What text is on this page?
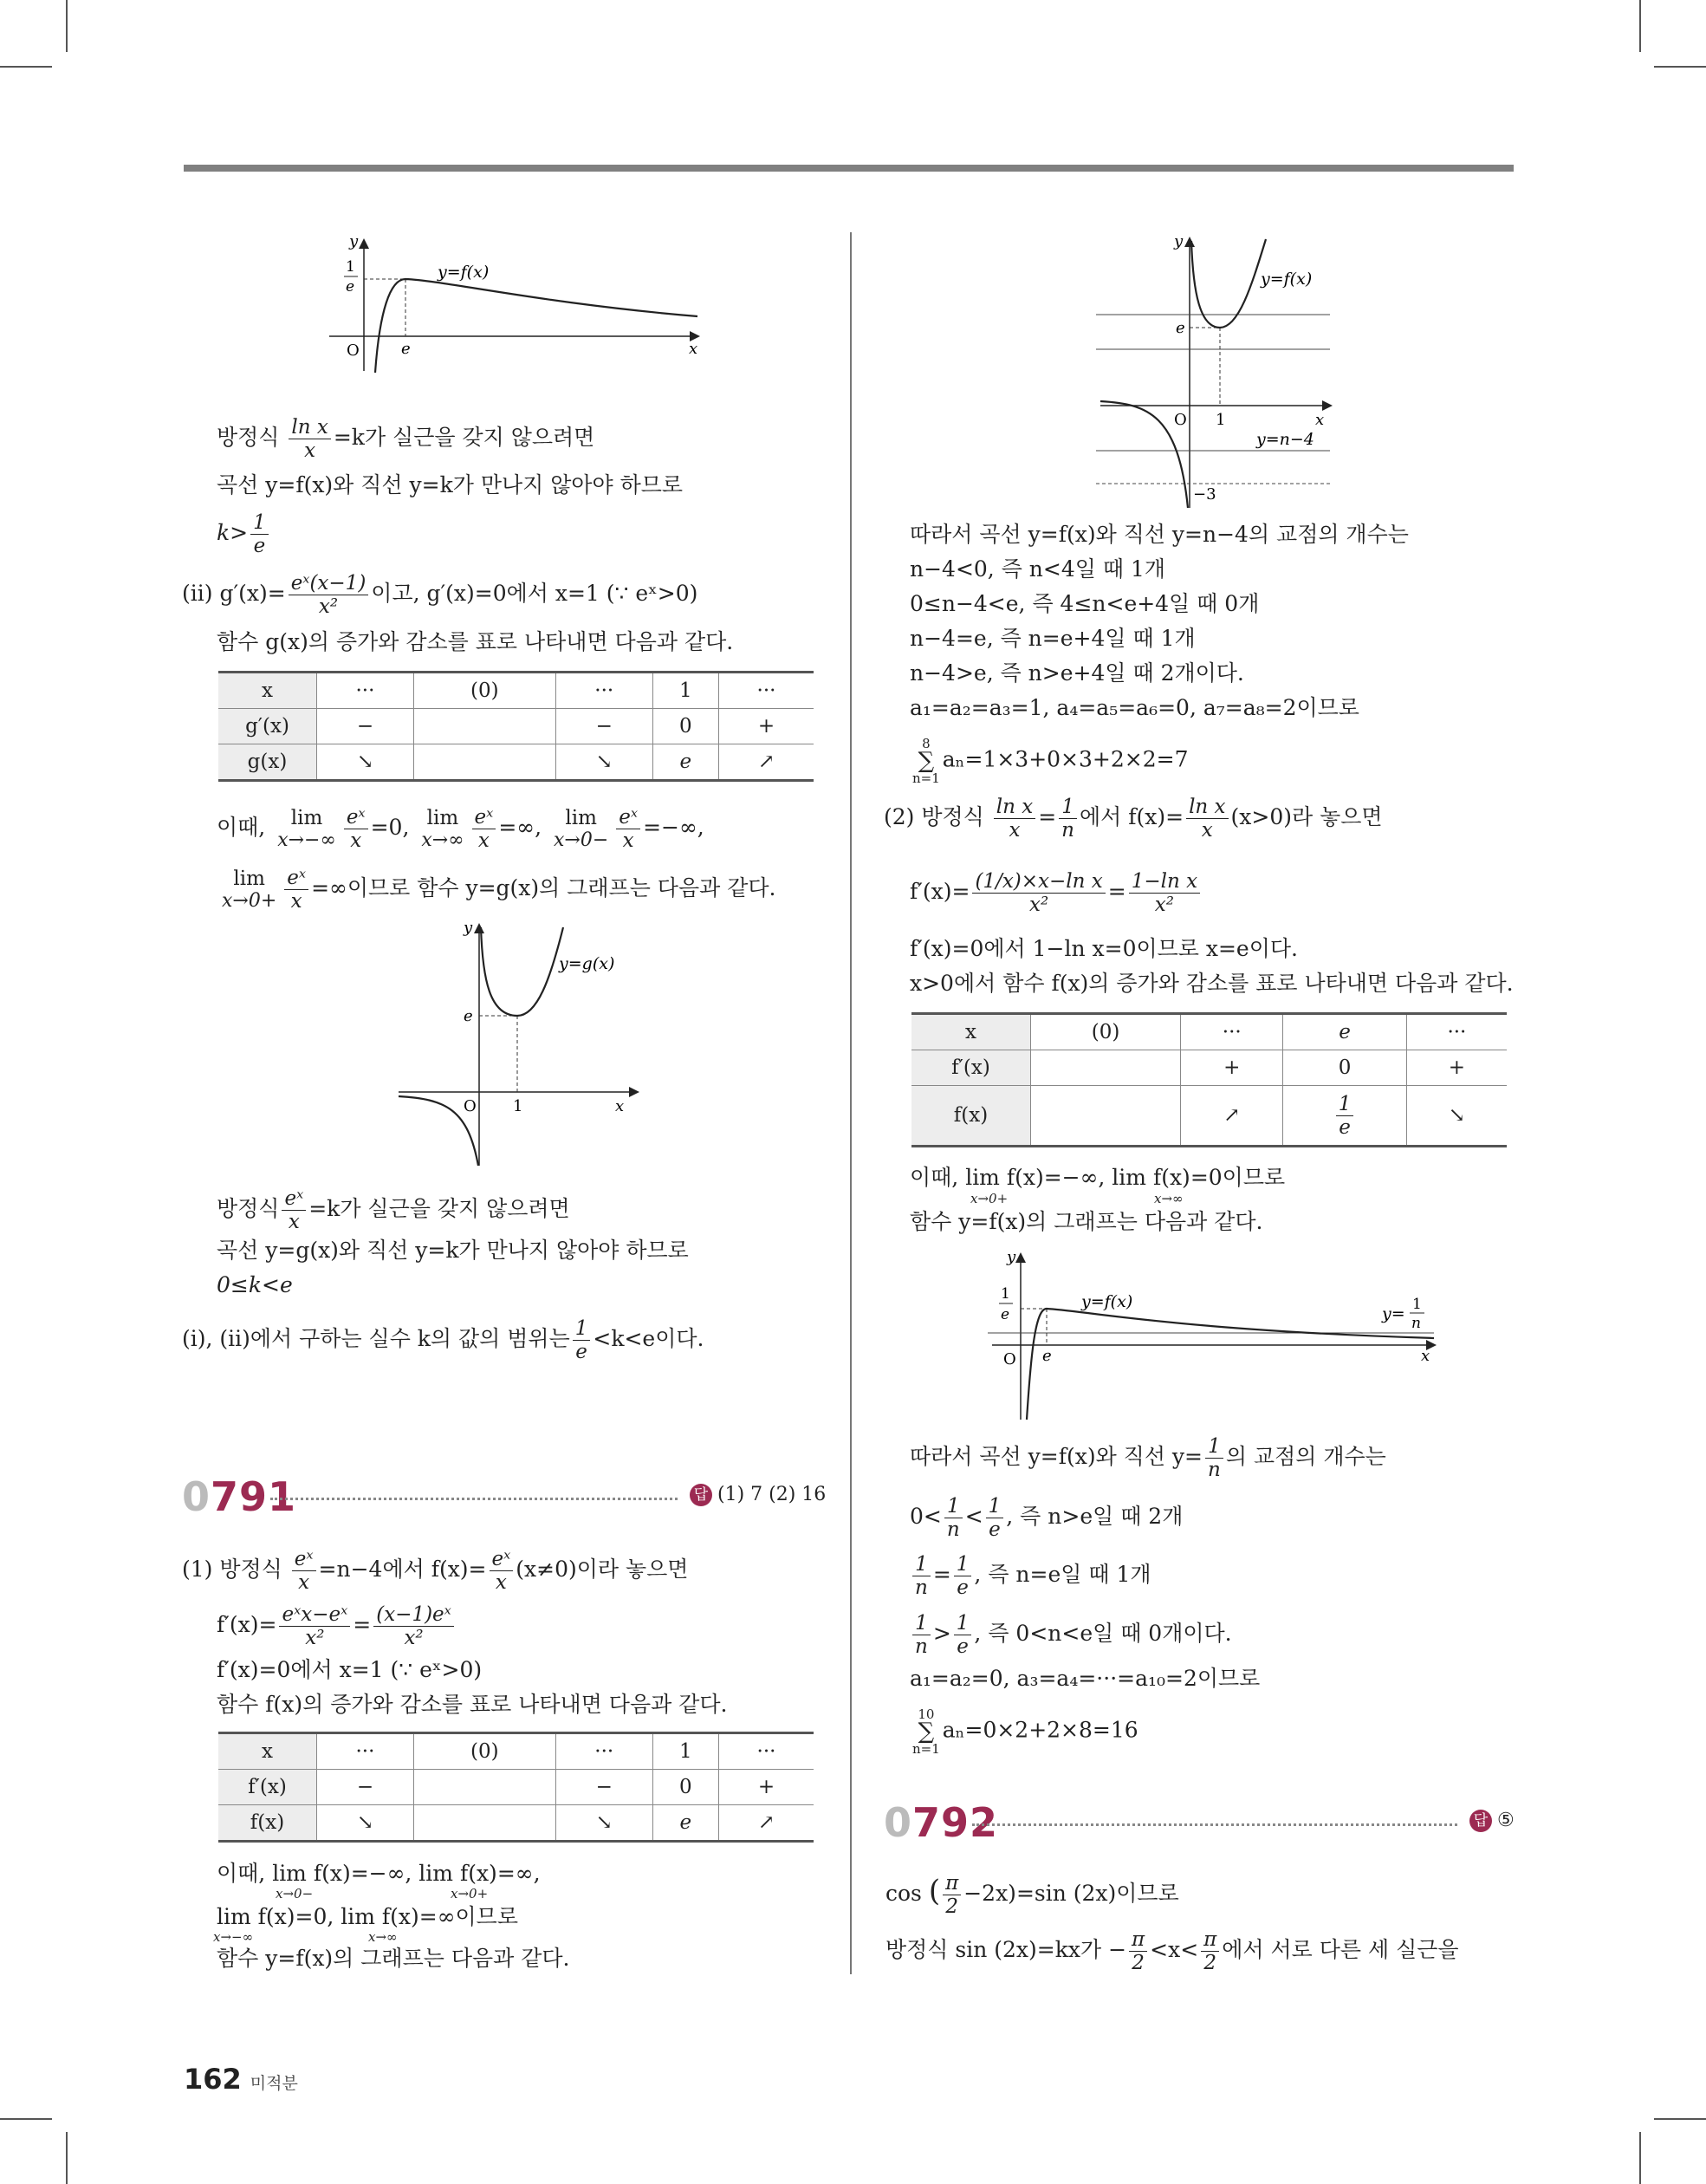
y
x
O	e
1
e
y=f(x)
방정식 $\frac{\text{ln x}}{x} =k$가 실근을 갖지 않으려면
곡선 y=f(x)와 직선 y=k가 만나지 않아야 하므로
$k> \frac{1}{e}$
(ii) $g'(x)= \frac{\text{eˣ(x−1)}}{\text{x²}}$ 이고, g′(x)=0에서 x=1 (∵ eˣ>0)
함수 g(x)의 증가와 감소를 표로 나타내면 다음과 같다.
x	···	(0)	···	1	···
g′(x)	−		−	0	+
g(x)	↘		↘	e	↗
이때, lim
$x\to-\infty \frac{\text{eˣ}}{x} =0$, lim
$x\to\infty \frac{\text{eˣ}}{x}$ =∞, lim
$x\to 0- \frac{\text{eˣ}}{x}$ =−∞,
lim
$x\to 0+ \frac{\text{eˣ}}{x}$ =∞이므로 함수 y=g(x)의 그래프는 다음과 같다.
y
x
O 1
e
y=g(x)
방정식 $\frac{\text{eˣ}}{x} =k$가 실근을 갖지 않으려면
곡선 y=g(x)와 직선 y=k가 만나지 않아야 하므로
0≤k<e
(i), (ii)에서 구하는 실수 k의 값의 범위는 $\frac{1}{e} <k<e$이다.
0791	답 (1) 7 (2) 16
(1) 방정식 $\frac{\text{eˣ}}{x} =n-4$에서 $f(x)= \frac{\text{eˣ}}{x} (x\ne 0)$이라 놓으면
$f'(x)= \frac{\text{eˣx−eˣ}}{\text{x²}} = \frac{\text{(x−1)eˣ}}{\text{x²}}$
f′(x)=0에서 x=1 (∵ eˣ>0)
함수 f(x)의 증가와 감소를 표로 나타내면 다음과 같다.
x	···	(0)	···	1	···
f′(x)	−		−	0	+
f(x)	↘		↘	e	↗
이때, lim f(x)=−∞, lim f(x)=∞,
x→0−	x→0+
lim f(x)=0, lim f(x)=∞이므로
x→−∞	x→∞
함수 y=f(x)의 그래프는 다음과 같다.
y
x
O 1
e
−3
y=f(x)
y=n−4
따라서 곡선 y=f(x)와 직선 y=n−4의 교점의 개수는
n−4<0, 즉 n<4일 때 1개
0≤n−4<e, 즉 4≤n<e+4일 때 0개
n−4=e, 즉 n=e+4일 때 1개
n−4>e, 즉 n>e+4일 때 2개이다.
a₁=a₂=a₃=1, a₄=a₅=a₆=0, a₇=a₈=2이므로
8
∑
n=1aₙ=1×3+0×3+2×2=7
(2) 방정식 $\frac{\text{ln x}}{x} = \frac{1}{n}$ 에서 $f(x)= \frac{\text{ln x}}{x} (x>0)$라 놓으면
$f'(x)= \frac{\text{(1/x)×x−ln x}}{\text{x²}} = \frac{\text{1−ln x}}{\text{x²}}$
f′(x)=0에서 1−ln x=0이므로 x=e이다.
x>0에서 함수 f(x)의 증가와 감소를 표로 나타내면 다음과 같다.
x	(0)	···	e	···
f′(x)		+	0	+
f(x)		↗	$\frac{1}{e}$	↘
이때, lim f(x)=−∞, lim f(x)=0이므로
x→0+	x→∞
함수 y=f(x)의 그래프는 다음과 같다.
y
x
O e
1
e
y=f(x)
y= 1
n
따라서 곡선 y=f(x)와 직선 $y= \frac{1}{n}$ 의 교점의 개수는
$0< \frac{1}{n} < \frac{1}{e}$ , 즉 n>e일 때 2개
$\frac{1}{n} = \frac{1}{e}$ , 즉 n=e일 때 1개
$\frac{1}{n} > \frac{1}{e}$ , 즉 0<n<e일 때 0개이다.
a₁=a₂=0, a₃=a₄=···=a₁₀=2이므로
10
∑
n=1aₙ=0×2+2×8=16
0792	답 ⑤
cos ( $\frac{\pi}{2} -2x)=\sin$ (2x)이므로
방정식 sin (2x)=kx가 − $\frac{\pi}{2} <x< \frac{\pi}{2}$ 에서 서로 다른 세 실근을
162 미적분
